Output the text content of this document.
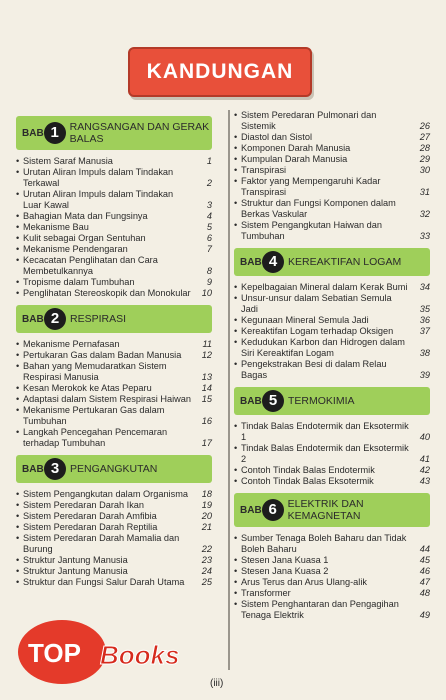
KANDUNGAN
BAB 1	RANGSANGAN DAN GERAK BALAS
• Sistem Saraf Manusia	1
• Urutan Aliran Impuls dalam Tindakan Terkawal	2
• Urutan Aliran Impuls dalam Tindakan Luar Kawal	3
• Bahagian Mata dan Fungsinya	4
• Mekanisme Bau	5
• Kulit sebagai Organ Sentuhan	6
• Mekanisme Pendengaran	7
• Kecacatan Penglihatan dan Cara Membetulkannya	8
• Tropisme dalam Tumbuhan	9
• Penglihatan Stereoskopik dan Monokular 10
BAB 2	RESPIRASI
• Mekanisme Pernafasan	11
• Pertukaran Gas dalam Badan Manusia 12
• Bahan yang Memudaratkan Sistem Respirasi Manusia	13
• Kesan Merokok ke Atas Peparu	14
• Adaptasi dalam Sistem Respirasi Haiwan 15
• Mekanisme Pertukaran Gas dalam Tumbuhan	16
• Langkah Pencegahan Pencemaran terhadap Tumbuhan	17
BAB 3	PENGANGKUTAN
• Sistem Pengangkutan dalam Organisma 18
• Sistem Peredaran Darah Ikan	19
• Sistem Peredaran Darah Amfibia	20
• Sistem Peredaran Darah Reptilia	21
• Sistem Peredaran Darah Mamalia dan Burung	22
• Struktur Jantung Manusia	23
• Struktur Jantung Manusia	24
• Struktur dan Fungsi Salur Darah Utama 25
• Sistem Peredaran Pulmonari dan Sistemik	26
• Diastol dan Sistol	27
• Komponen Darah Manusia	28
• Kumpulan Darah Manusia	29
• Transpirasi	30
• Faktor yang Mempengaruhi Kadar Transpirasi	31
• Struktur dan Fungsi Komponen dalam Berkas Vaskular	32
• Sistem Pengangkutan Haiwan dan Tumbuhan	33
BAB 4	KEREAKTIFAN LOGAM
• Kepelbagaian Mineral dalam Kerak Bumi 34
• Unsur-unsur dalam Sebatian Semula Jadi	35
• Kegunaan Mineral Semula Jadi	36
• Kereaktifan Logam terhadap Oksigen	37
• Kedudukan Karbon dan Hidrogen dalam Siri Kereaktifan Logam	38
• Pengekstrakan Besi di dalam Relau Bagas	39
BAB 5	TERMOKIMIA
• Tindak Balas Endotermik dan Eksotermik 1	40
• Tindak Balas Endotermik dan Eksotermik 2	41
• Contoh Tindak Balas Endotermik	42
• Contoh Tindak Balas Eksotermik	43
BAB 6	ELEKTRIK DAN KEMAGNETAN
• Sumber Tenaga Boleh Baharu dan Tidak Boleh Baharu	44
• Stesen Jana Kuasa 1	45
• Stesen Jana Kuasa 2	46
• Arus Terus dan Arus Ulang-alik	47
• Transformer	48
• Sistem Penghantaran dan Pengagihan Tenaga Elektrik	49
TOP Books
(iii)
